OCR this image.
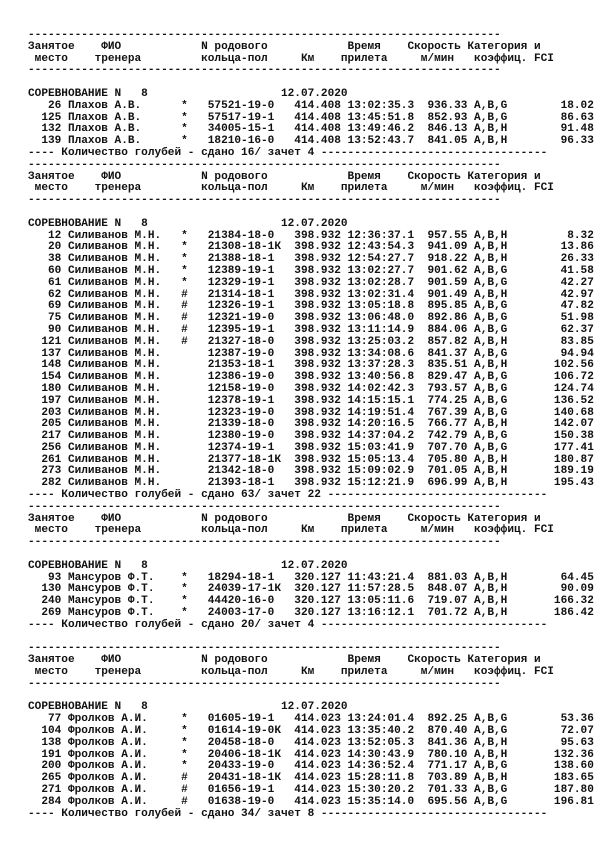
-----------------------------------------------------------------------
Занятое    ФИО            N родового            Время    Скорость Категория и
место    тренера         кольца-пол     Км    прилета     м/мин   коэффиц. FCI
-----------------------------------------------------------------------
СОРЕВНОВАНИЕ N   8                    12.07.2020
26 Плахов А.В.      *   57521-19-0   414.408 13:02:35.3  936.33 A,B,G        18.02
125 Плахов А.В.      *   57517-19-1   414.408 13:45:51.8  852.93 A,B,G        86.63
132 Плахов А.В.      *   34005-15-1   414.408 13:49:46.2  846.13 A,B,H        91.48
139 Плахов А.В.      *   18210-16-0   414.408 13:52:43.7  841.05 A,B,H        96.33
---- Количество голубей - сдано 16/ зачет 4 ----------------------------------
-----------------------------------------------------------------------
Занятое    ФИО            N родового            Время    Скорость Категория и
место    тренера         кольца-пол     Км    прилета     м/мин   коэффиц. FCI
-----------------------------------------------------------------------
СОРЕВНОВАНИЕ N   8                    12.07.2020
12 Силиванов М.Н.   *   21384-18-0   398.932 12:36:37.1  957.55 A,B,H         8.32
20 Силиванов М.Н.   *   21308-18-1К  398.932 12:43:54.3  941.09 A,B,H        13.86
38 Силиванов М.Н.   *   21388-18-1   398.932 12:54:27.7  918.22 A,B,H        26.33
60 Силиванов М.Н.   *   12389-19-1   398.932 13:02:27.7  901.62 A,B,G        41.58
61 Силиванов М.Н.   *   12329-19-1   398.932 13:02:28.7  901.59 A,B,G        42.27
62 Силиванов М.Н.   #   21314-18-1   398.932 13:02:31.4  901.49 A,B,H        42.97
69 Силиванов М.Н.   #   12326-19-1   398.932 13:05:18.8  895.85 A,B,G        47.82
75 Силиванов М.Н.   #   12321-19-0   398.932 13:06:48.0  892.86 A,B,G        51.98
90 Силиванов М.Н.   #   12395-19-1   398.932 13:11:14.9  884.06 A,B,G        62.37
121 Силиванов М.Н.   #   21327-18-0   398.932 13:25:03.2  857.82 A,B,H        83.85
137 Силиванов М.Н.       12387-19-0   398.932 13:34:08.6  841.37 A,B,G        94.94
148 Силиванов М.Н.       21353-18-1   398.932 13:37:28.3  835.51 A,B,H       102.56
154 Силиванов М.Н.       12386-19-0   398.932 13:40:56.8  829.47 A,B,G       106.72
180 Силиванов М.Н.       12158-19-0   398.932 14:02:42.3  793.57 A,B,G       124.74
197 Силиванов М.Н.       12378-19-1   398.932 14:15:15.1  774.25 A,B,G       136.52
203 Силиванов М.Н.       12323-19-0   398.932 14:19:51.4  767.39 A,B,G       140.68
205 Силиванов М.Н.       21339-18-0   398.932 14:20:16.5  766.77 A,B,H       142.07
217 Силиванов М.Н.       12380-19-0   398.932 14:37:04.2  742.79 A,B,G       150.38
256 Силиванов М.Н.       12374-19-1   398.932 15:03:41.9  707.70 A,B,G       177.41
261 Силиванов М.Н.       21377-18-1К  398.932 15:05:13.4  705.80 A,B,H       180.87
273 Силиванов М.Н.       21342-18-0   398.932 15:09:02.9  701.05 A,B,H       189.19
282 Силиванов М.Н.       21393-18-1   398.932 15:12:21.9  696.99 A,B,H       195.43
---- Количество голубей - сдано 63/ зачет 22 ---------------------------------
-----------------------------------------------------------------------
Занятое    ФИО            N родового            Время    Скорость Категория и
место    тренера         кольца-пол     Км    прилета     м/мин   коэффиц. FCI
-----------------------------------------------------------------------
СОРЕВНОВАНИЕ N   8                    12.07.2020
93 Мансуров Ф.Т.    *   18294-18-1   320.127 11:43:21.4  881.03 A,B,H        64.45
130 Мансуров Ф.Т.    *   24039-17-1К  320.127 11:57:28.5  848.07 A,B,H        90.09
240 Мансуров Ф.Т.    *   44420-16-0   320.127 13:05:11.6  719.07 A,B,H       166.32
269 Мансуров Ф.Т.    *   24003-17-0   320.127 13:16:12.1  701.72 A,B,H       186.42
---- Количество голубей - сдано 20/ зачет 4 ----------------------------------
-----------------------------------------------------------------------
Занятое    ФИО            N родового            Время    Скорость Категория и
место    тренера         кольца-пол     Км    прилета     м/мин   коэффиц. FCI
-----------------------------------------------------------------------
СОРЕВНОВАНИЕ N   8                    12.07.2020
77 Фролков А.И.     *   01605-19-1   414.023 13:24:01.4  892.25 A,B,G        53.36
104 Фролков А.И.     *   01614-19-0К  414.023 13:35:40.2  870.40 A,B,G        72.07
138 Фролков А.И.     *   20458-18-0   414.023 13:52:05.3  841.36 A,B,H        95.63
191 Фролков А.И.     *   20406-18-1К  414.023 14:30:43.9  780.10 A,B,H       132.36
200 Фролков А.И.     *   20433-19-0   414.023 14:36:52.4  771.17 A,B,G       138.60
265 Фролков А.И.     #   20431-18-1К  414.023 15:28:11.8  703.89 A,B,H       183.65
271 Фролков А.И.     #   01656-19-1   414.023 15:30:20.2  701.33 A,B,G       187.80
284 Фролков А.И.     #   01638-19-0   414.023 15:35:14.0  695.56 A,B,G       196.81
---- Количество голубей - сдано 34/ зачет 8 ----------------------------------
